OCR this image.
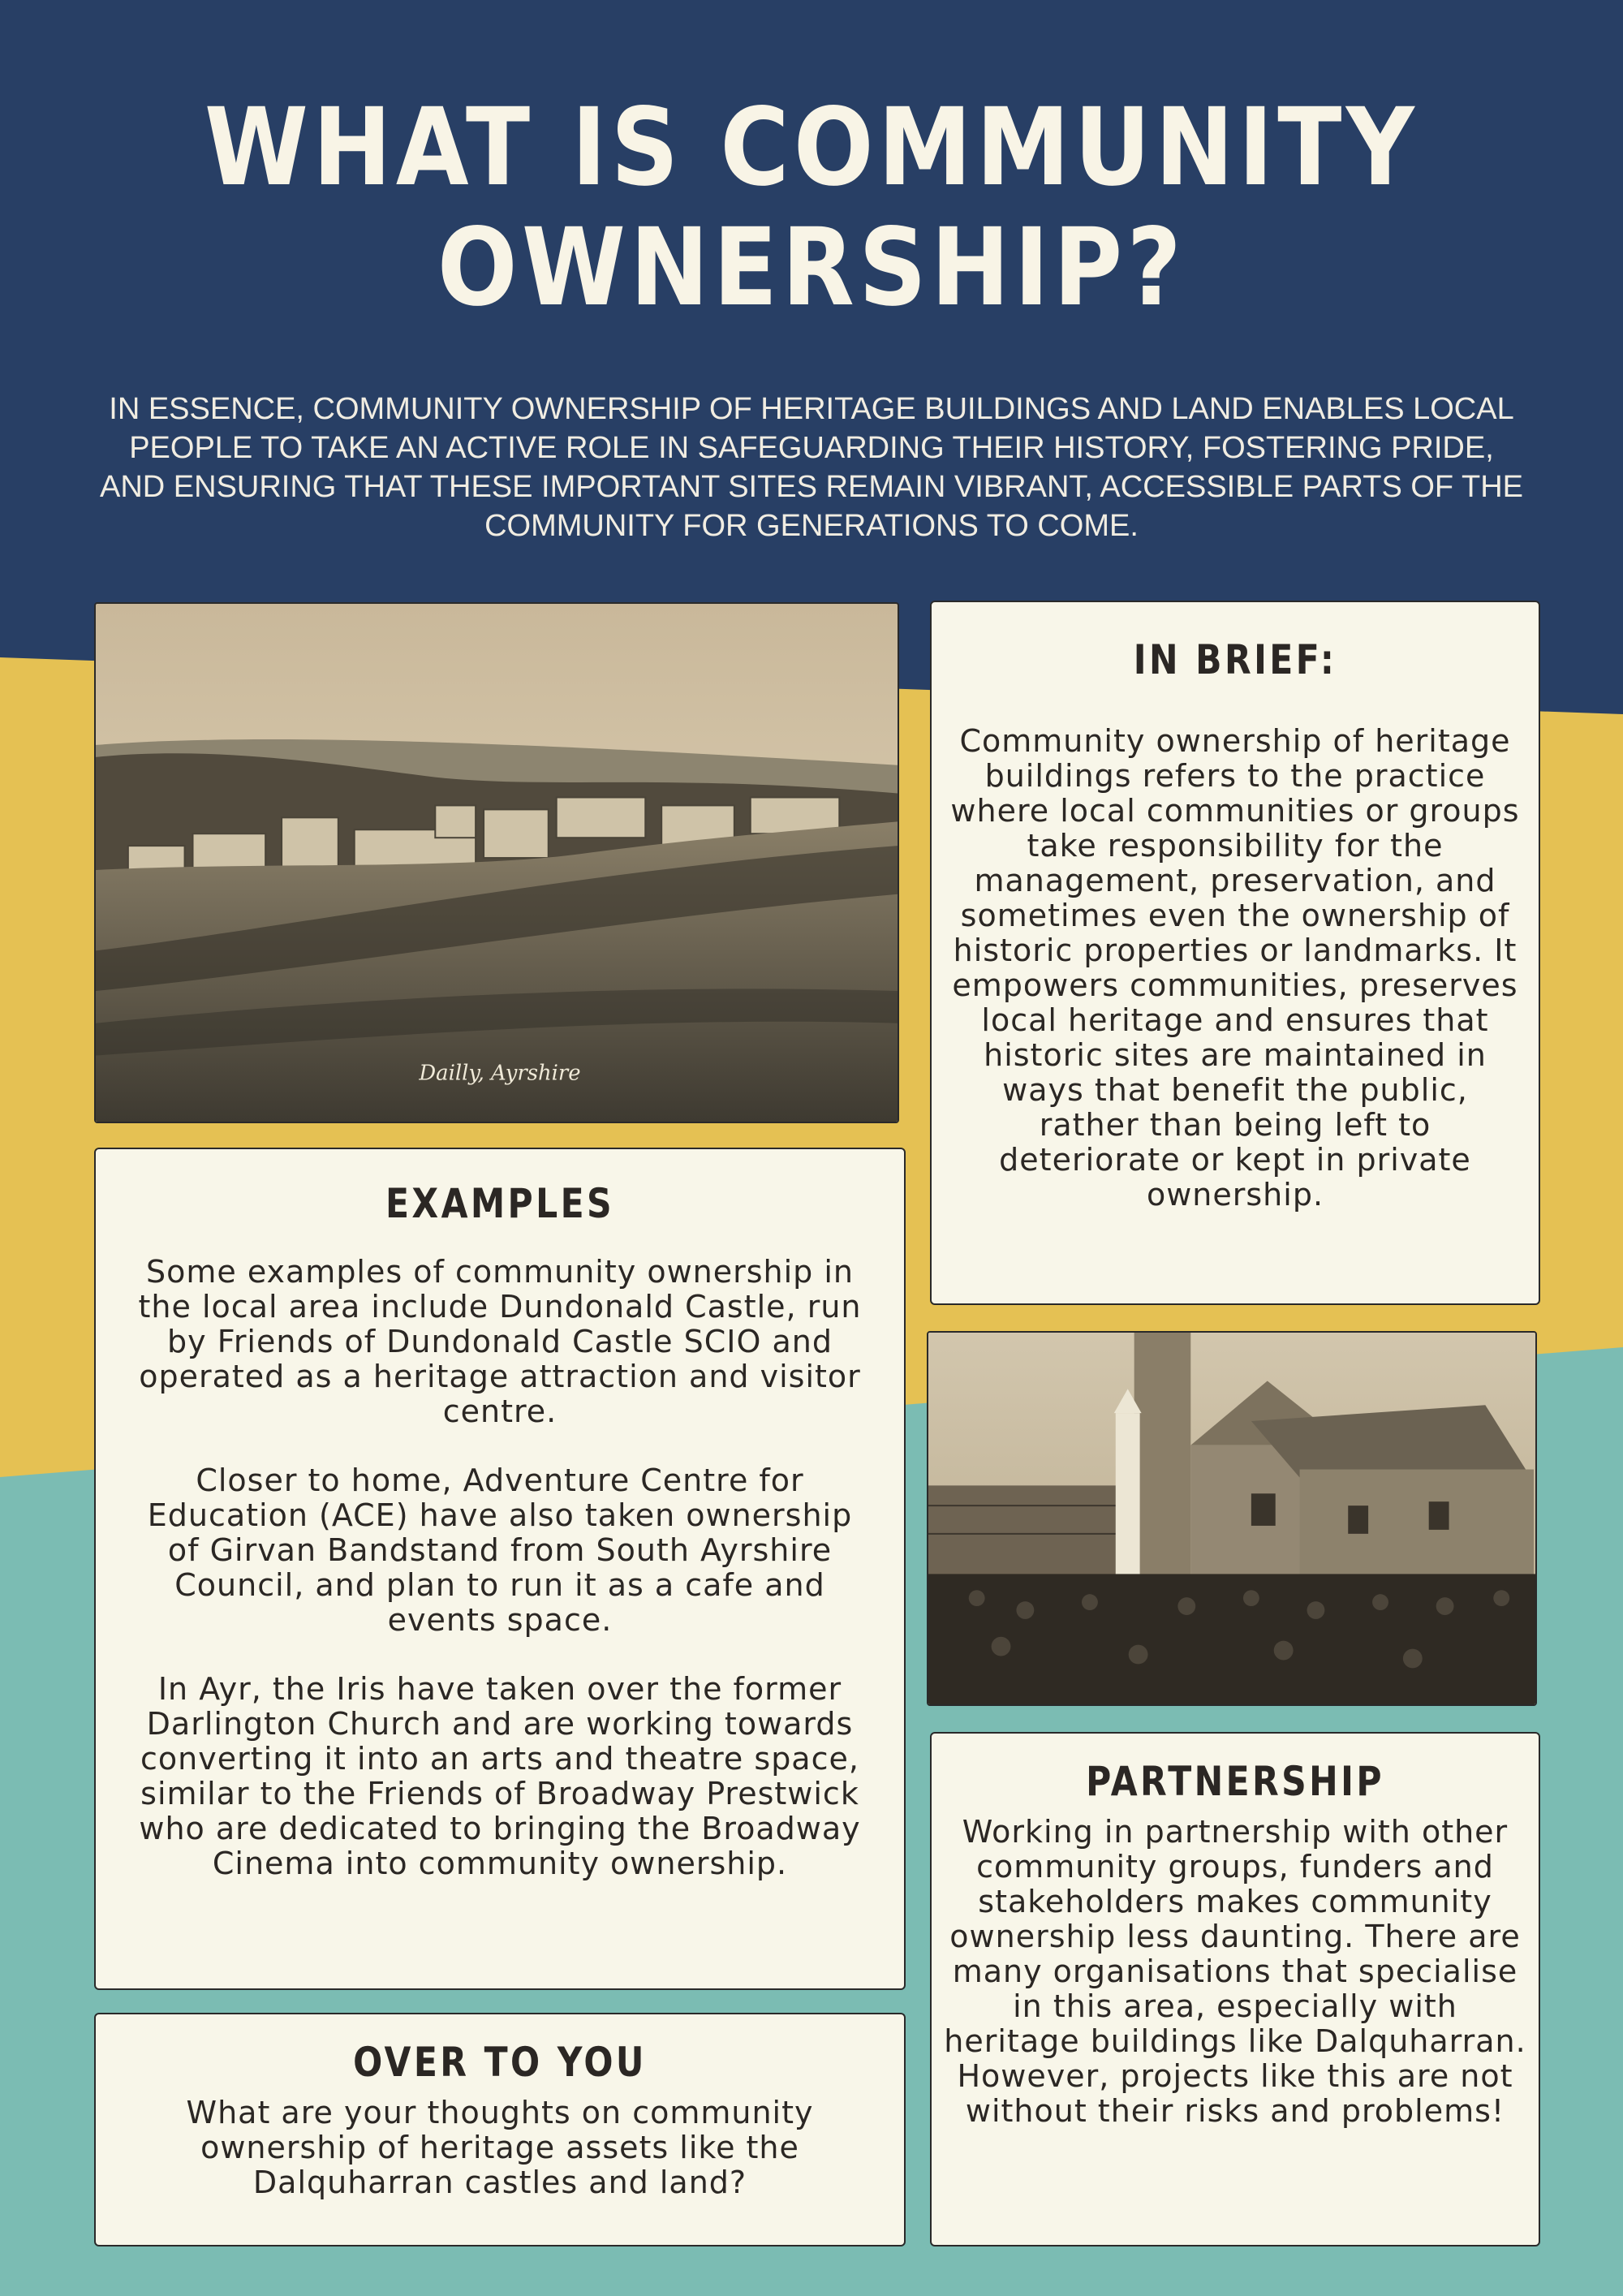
WHAT IS COMMUNITY
OWNERSHIP?
IN ESSENCE, COMMUNITY OWNERSHIP OF HERITAGE BUILDINGS AND LAND ENABLES LOCAL PEOPLE TO TAKE AN ACTIVE ROLE IN SAFEGUARDING THEIR HISTORY, FOSTERING PRIDE, AND ENSURING THAT THESE IMPORTANT SITES REMAIN VIBRANT, ACCESSIBLE PARTS OF THE COMMUNITY FOR GENERATIONS TO COME.
Dailly, Ayrshire
IN BRIEF:

Community ownership of heritage buildings refers to the practice where local communities or groups take responsibility for the management, preservation, and sometimes even the ownership of historic properties or landmarks. It empowers communities, preserves local heritage and ensures that historic sites are maintained in ways that benefit the public, rather than being left to deteriorate or kept in private ownership.

EXAMPLES

Some examples of community ownership in the local area include Dundonald Castle, run by Friends of Dundonald Castle SCIO and operated as a heritage attraction and visitor centre.

Closer to home, Adventure Centre for Education (ACE) have also taken ownership of Girvan Bandstand from South Ayrshire Council, and plan to run it as a cafe and events space.

In Ayr, the Iris have taken over the former Darlington Church and are working towards converting it into an arts and theatre space, similar to the Friends of Broadway Prestwick who are dedicated to bringing the Broadway Cinema into community ownership.

PARTNERSHIP

Working in partnership with other community groups, funders and stakeholders makes community ownership less daunting. There are many organisations that specialise in this area, especially with heritage buildings like Dalquharran. However, projects like this are not without their risks and problems!

OVER TO YOU

What are your thoughts on community ownership of heritage assets like the Dalquharran castles and land?
